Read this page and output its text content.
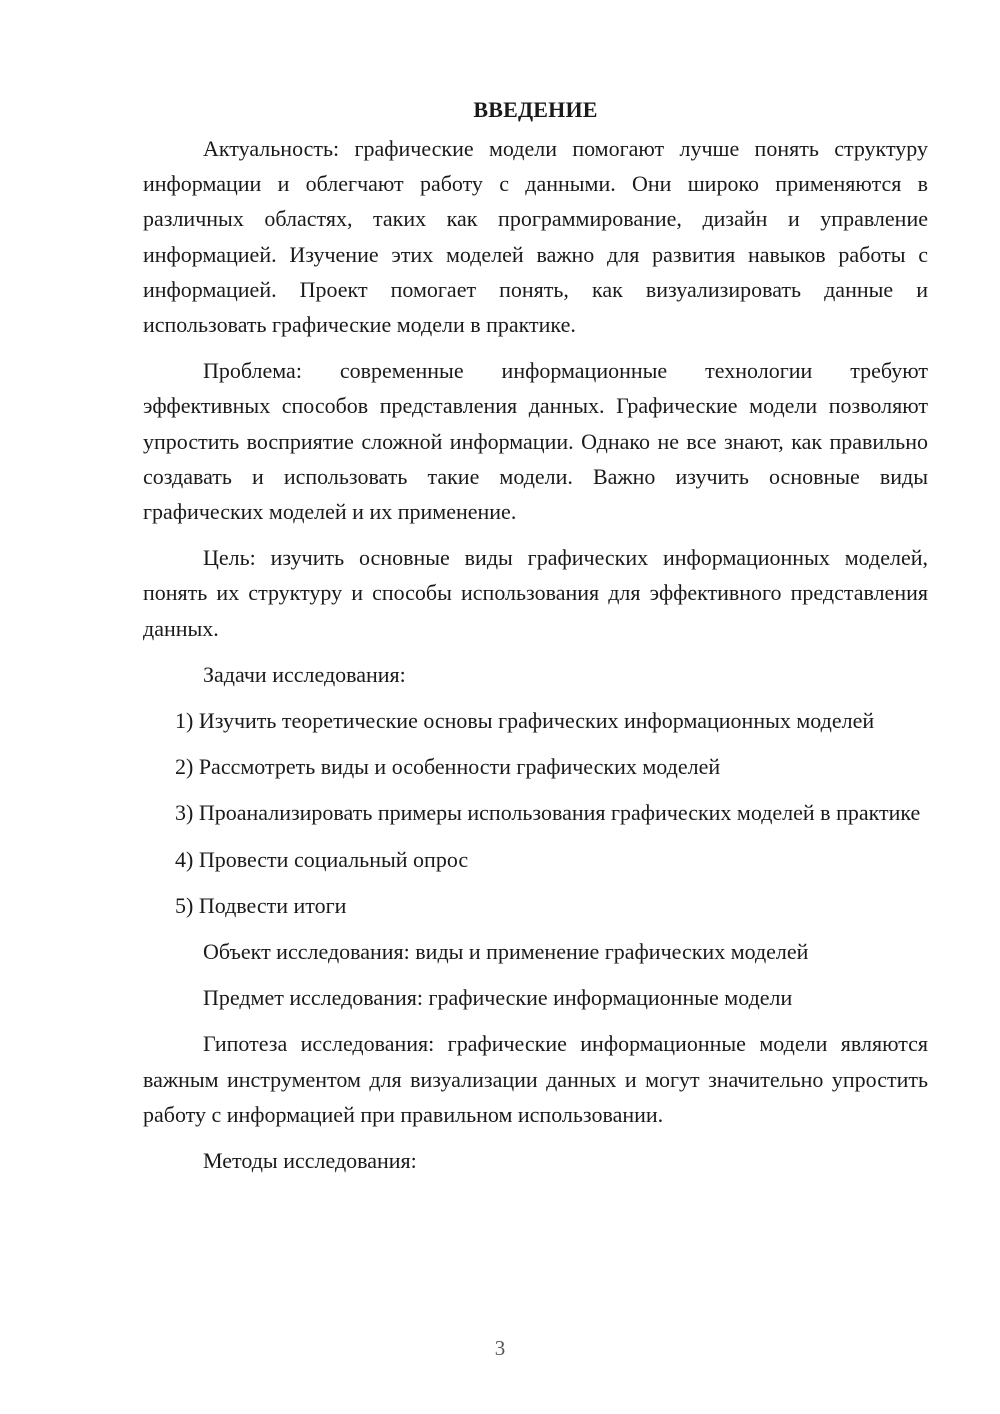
ВВЕДЕНИЕ

Актуальность: графические модели помогают лучше понять структуру информации и облегчают работу с данными. Они широко применяются в различных областях, таких как программирование, дизайн и управление информацией. Изучение этих моделей важно для развития навыков работы с информацией. Проект помогает понять, как визуализировать данные и использовать графические модели в практике.

Проблема: современные информационные технологии требуют эффективных способов представления данных. Графические модели позволяют упростить восприятие сложной информации. Однако не все знают, как правильно создавать и использовать такие модели. Важно изучить основные виды графических моделей и их применение.

Цель: изучить основные виды графических информационных моделей, понять их структуру и способы использования для эффективного представления данных.

Задачи исследования:

1) Изучить теоретические основы графических информационных моделей

2) Рассмотреть виды и особенности графических моделей

3) Проанализировать примеры использования графических моделей в практике

4) Провести социальный опрос

5) Подвести итоги

Объект исследования: виды и применение графических моделей

Предмет исследования: графические информационные модели

Гипотеза исследования: графические информационные модели являются важным инструментом для визуализации данных и могут значительно упростить работу с информацией при правильном использовании.

Методы исследования:

3
